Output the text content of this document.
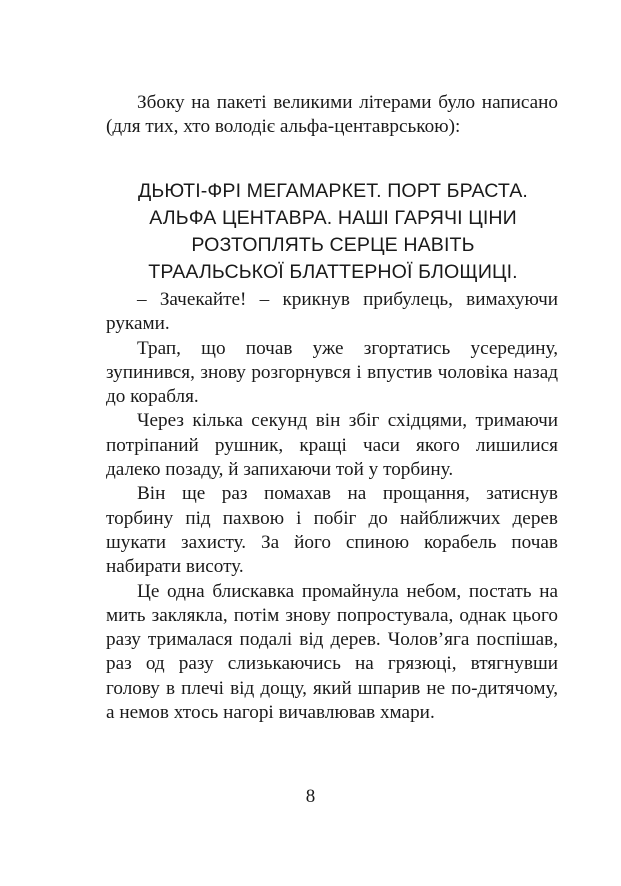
Збоку на пакеті великими літерами було написано (для тих, хто володіє альфа-центаврською):

ДЬЮТІ-ФРІ МЕГАМАРКЕТ. ПОРТ БРАСТА.
АЛЬФА ЦЕНТАВРА. НАШІ ГАРЯЧІ ЦІНИ
РОЗТОПЛЯТЬ СЕРЦЕ НАВІТЬ
ТРААЛЬСЬКОЇ БЛАТТЕРНОЇ БЛОЩИЦІ.

– Зачекайте! – крикнув прибулець, вимахуючи руками.

Трап, що почав уже згортатись усередину, зупинився, знову розгорнувся і впустив чоловіка назад до корабля.

Через кілька секунд він збіг східцями, тримаючи потріпаний рушник, кращі часи якого лишилися далеко позаду, й запихаючи той у торбину.

Він ще раз помахав на прощання, затиснув торбину під пахвою і побіг до найближчих дерев шукати захисту. За його спиною корабель почав набирати висоту.

Це одна блискавка промайнула небом, постать на мить заклякла, потім знову попростувала, однак цього разу трималася подалі від дерев. Чолов’яга поспішав, раз од разу слизькаючись на грязюці, втягнувши голову в плечі від дощу, який шпарив не по-дитячому, а немов хтось нагорі вичавлював хмари.

8
